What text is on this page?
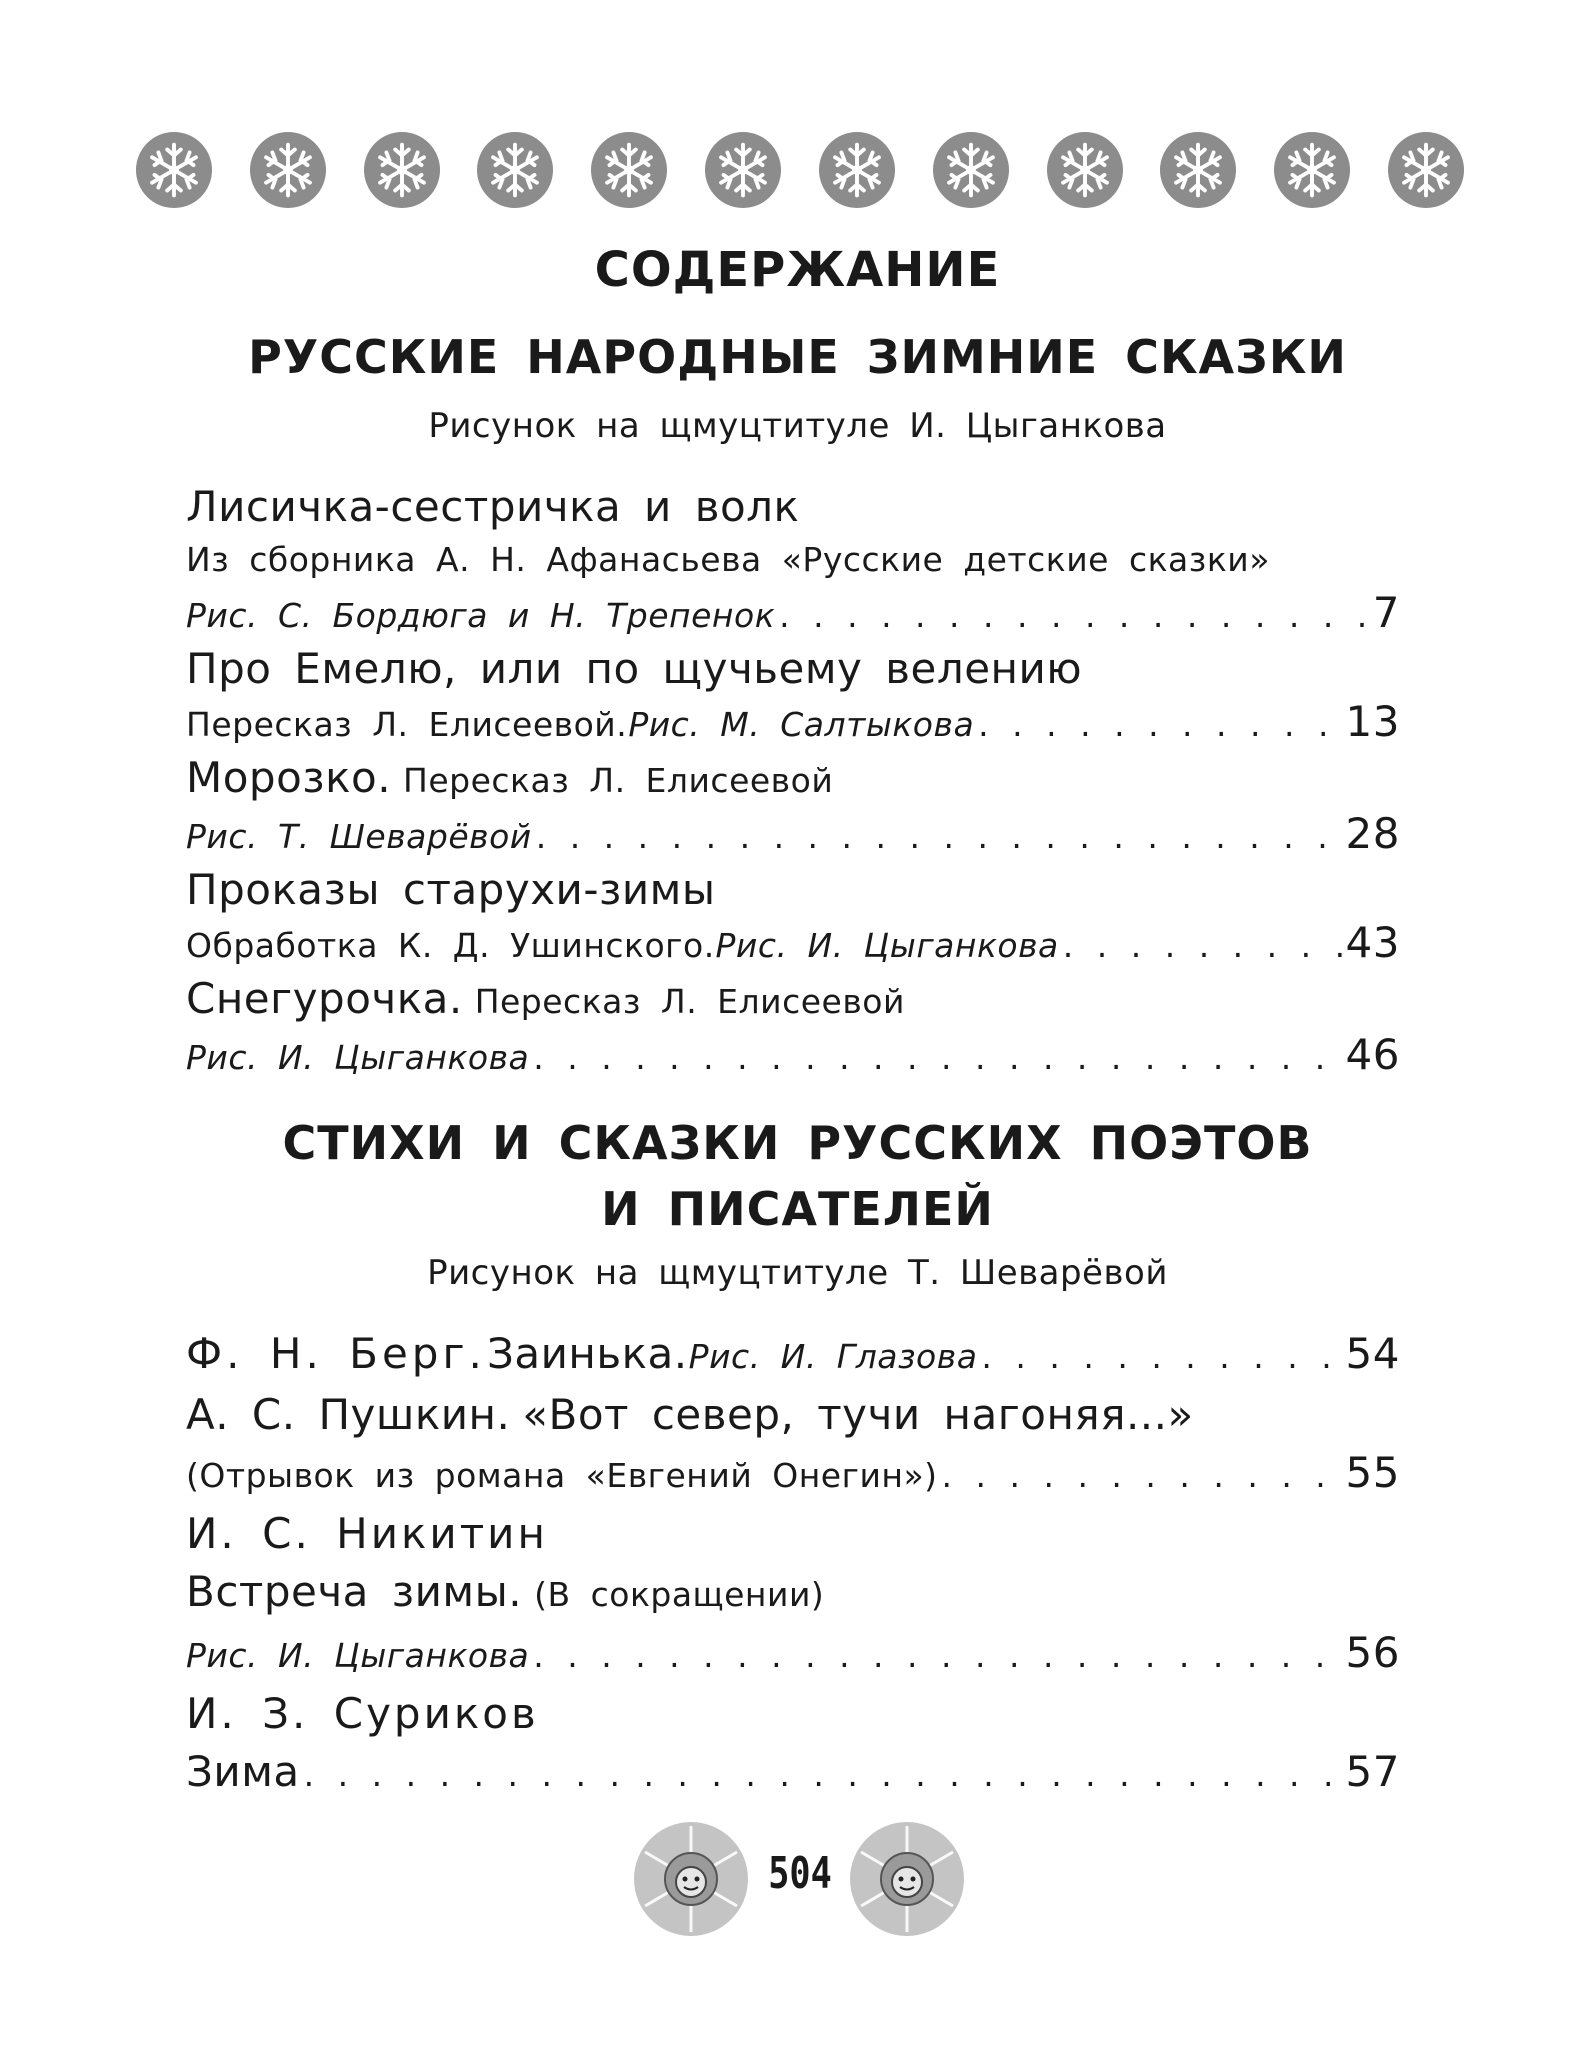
СОДЕРЖАНИЕ
РУССКИЕ НАРОДНЫЕ ЗИМНИЕ СКАЗКИ

Рисунок на щмуцтитуле И. Цыганкова

Лисичка-сестричка и волк
Из сборника А. Н. Афанасьева «Русские детские сказки»
Рис. С. Бордюга и Н. Трепенок . . .	7
Про Емелю, или по щучьему велению
Пересказ Л. Елисеевой. Рис. М. Салтыкова . . .	13
Морозко. Пересказ Л. Елисеевой
Рис. Т. Шеварёвой . . .	28
Проказы старухи-зимы
Обработка К. Д. Ушинского. Рис. И. Цыганкова . . .	43
Снегурочка. Пересказ Л. Елисеевой
Рис. И. Цыганкова . . .	46
СТИХИ И СКАЗКИ РУССКИХ ПОЭТОВ
И ПИСАТЕЛЕЙ

Рисунок на щмуцтитуле Т. Шеварёвой

Ф. Н. Берг. Заинька. Рис. И. Глазова . . .	54
А. С. Пушкин. «Вот север, тучи нагоняя...»
(Отрывок из романа «Евгений Онегин») . . .	55
И. С. Никитин
Встреча зимы. (В сокращении)
Рис. И. Цыганкова . . .	56
И. З. Суриков
Зима . . .	57
504
